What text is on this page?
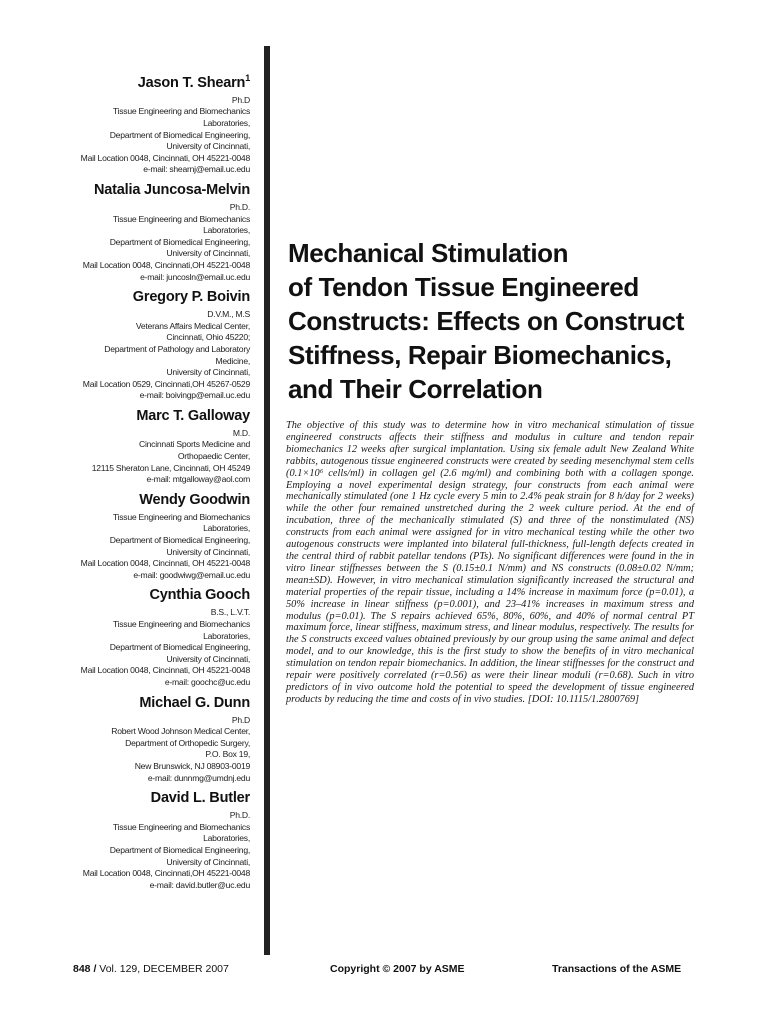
Jason T. Shearn$^1$
Ph.D
Tissue Engineering and Biomechanics
Laboratories,
Department of Biomedical Engineering,
University of Cincinnati,
Mail Location 0048, Cincinnati, OH 45221-0048
e-mail: shearnj@email.uc.edu
Natalia Juncosa-Melvin
Ph.D.
Tissue Engineering and Biomechanics
Laboratories,
Department of Biomedical Engineering,
University of Cincinnati,
Mail Location 0048, Cincinnati,OH 45221-0048
e-mail: juncosln@email.uc.edu
Gregory P. Boivin
D.V.M., M.S
Veterans Affairs Medical Center,
Cincinnati, Ohio 45220;
Department of Pathology and Laboratory
Medicine,
University of Cincinnati,
Mail Location 0529, Cincinnati,OH 45267-0529
e-mail: boivingp@email.uc.edu
Marc T. Galloway
M.D.
Cincinnati Sports Medicine and
Orthopaedic Center,
12115 Sheraton Lane, Cincinnati, OH 45249
e-mail: mtgalloway@aol.com
Wendy Goodwin
Tissue Engineering and Biomechanics
Laboratories,
Department of Biomedical Engineering,
University of Cincinnati,
Mail Location 0048, Cincinnati, OH 45221-0048
e-mail: goodwiwg@email.uc.edu
Cynthia Gooch
B.S., L.V.T.
Tissue Engineering and Biomechanics
Laboratories,
Department of Biomedical Engineering,
University of Cincinnati,
Mail Location 0048, Cincinnati, OH 45221-0048
e-mail: goochc@uc.edu
Michael G. Dunn
Ph.D
Robert Wood Johnson Medical Center,
Department of Orthopedic Surgery,
P.O. Box 19,
New Brunswick, NJ 08903-0019
e-mail: dunnmg@umdnj.edu
David L. Butler
Ph.D.
Tissue Engineering and Biomechanics
Laboratories,
Department of Biomedical Engineering,
University of Cincinnati,
Mail Location 0048, Cincinnati,OH 45221-0048
e-mail: david.butler@uc.edu
Mechanical Stimulation
of Tendon Tissue Engineered
Constructs: Effects on Construct
Stiffness, Repair Biomechanics,
and Their Correlation
The objective of this study was to determine how in vitro mechanical stimulation of tissue engineered constructs affects their stiffness and modulus in culture and tendon repair biomechanics 12 weeks after surgical implantation. Using six female adult New Zealand White rabbits, autogenous tissue engineered constructs were created by seeding mesenchymal stem cells (0.1×10⁶ cells/ml) in collagen gel (2.6 mg/ml) and combining both with a collagen sponge. Employing a novel experimental design strategy, four constructs from each animal were mechanically stimulated (one 1 Hz cycle every 5 min to 2.4% peak strain for 8 h/day for 2 weeks) while the other four remained unstretched during the 2 week culture period. At the end of incubation, three of the mechanically stimulated (S) and three of the nonstimulated (NS) constructs from each animal were assigned for in vitro mechanical testing while the other two autogenous constructs were implanted into bilateral full-thickness, full-length defects created in the central third of rabbit patellar tendons (PTs). No significant differences were found in the in vitro linear stiffnesses between the S (0.15±0.1 N/mm) and NS constructs (0.08±0.02 N/mm; mean±SD). However, in vitro mechanical stimulation significantly increased the structural and material properties of the repair tissue, including a 14% increase in maximum force (p=0.01), a 50% increase in linear stiffness (p=0.001), and 23–41% increases in maximum stress and modulus (p=0.01). The S repairs achieved 65%, 80%, 60%, and 40% of normal central PT maximum force, linear stiffness, maximum stress, and linear modulus, respectively. The results for the S constructs exceed values obtained previously by our group using the same animal and defect model, and to our knowledge, this is the first study to show the benefits of in vitro mechanical stimulation on tendon repair biomechanics. In addition, the linear stiffnesses for the construct and repair were positively correlated (r=0.56) as were their linear moduli (r=0.68). Such in vitro predictors of in vivo outcome hold the potential to speed the development of tissue engineered products by reducing the time and costs of in vivo studies. [DOI: 10.1115/1.2800769]
848 / Vol. 129, DECEMBER 2007	Copyright © 2007 by ASME	Transactions of the ASME
